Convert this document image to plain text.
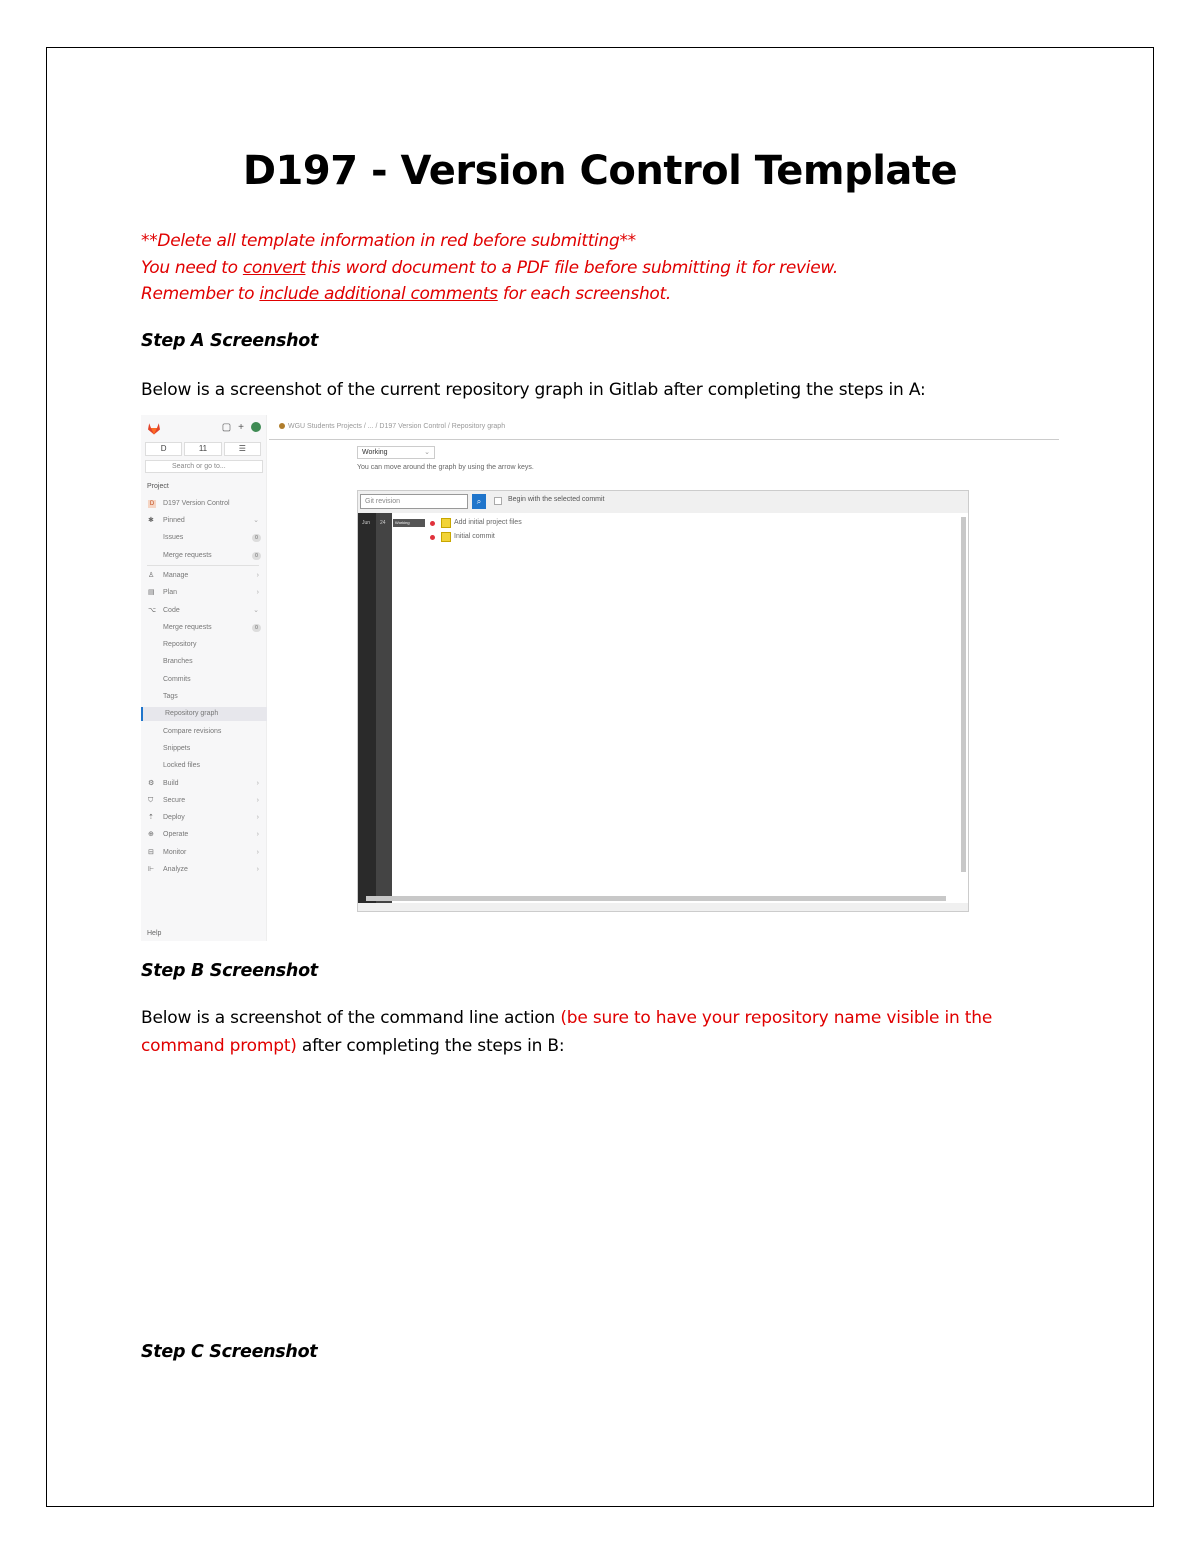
D197 - Version Control Template
**Delete all template information in red before submitting**
You need to convert this word document to a PDF file before submitting it for review.
Remember to include additional comments for each screenshot.
Step A Screenshot
Below is a screenshot of the current repository graph in Gitlab after completing the steps in A:
▢ +
D	11	☰
Search or go to...
Project
D D197 Version Control
✱	Pinned	⌄
Issues	0
Merge requests	0
♙ Manage	›
▤ Plan	›
⌥ Code	⌄
Merge requests	0
Repository
Branches
Commits
Tags
Repository graph
Compare revisions
Snippets
Locked files
⚙ Build	›
⛉	Secure	›
⇡	Deploy	›
⊕	Operate	›
⊟	Monitor	›
⊩ Analyze	›
Help
WGU Students Projects / ... / D197 Version Control / Repository graph
Working	⌄
You can move around the graph by using the arrow keys.
Git revision	⌕	Begin with the selected commit
Jun 24	Working	Add initial project files
Initial commit
Step B Screenshot
Below is a screenshot of the command line action (be sure to have your repository name visible in the command prompt) after completing the steps in B:
Step C Screenshot
